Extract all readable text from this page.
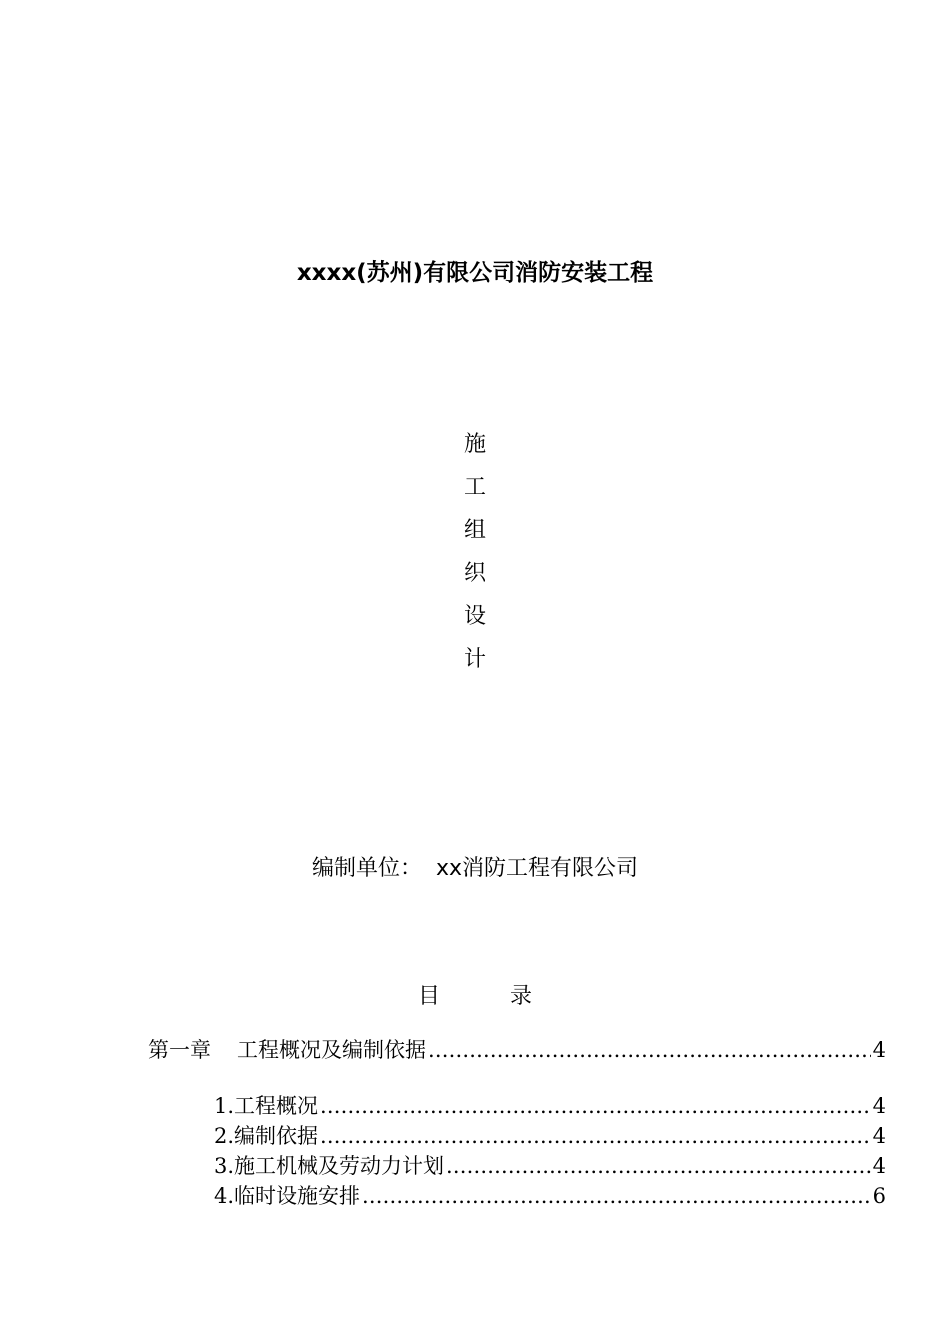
xxxx(苏州)有限公司消防安装工程
施
工
组
织
设
计
编制单位： xx消防工程有限公司
目	录
第一章 工程概况及编制依据 .....	4
1. 工程概况 .....	4
2. 编制依据 .....	4
3. 施工机械及劳动力计划 .....	4
4. 临时设施安排 .....	6
